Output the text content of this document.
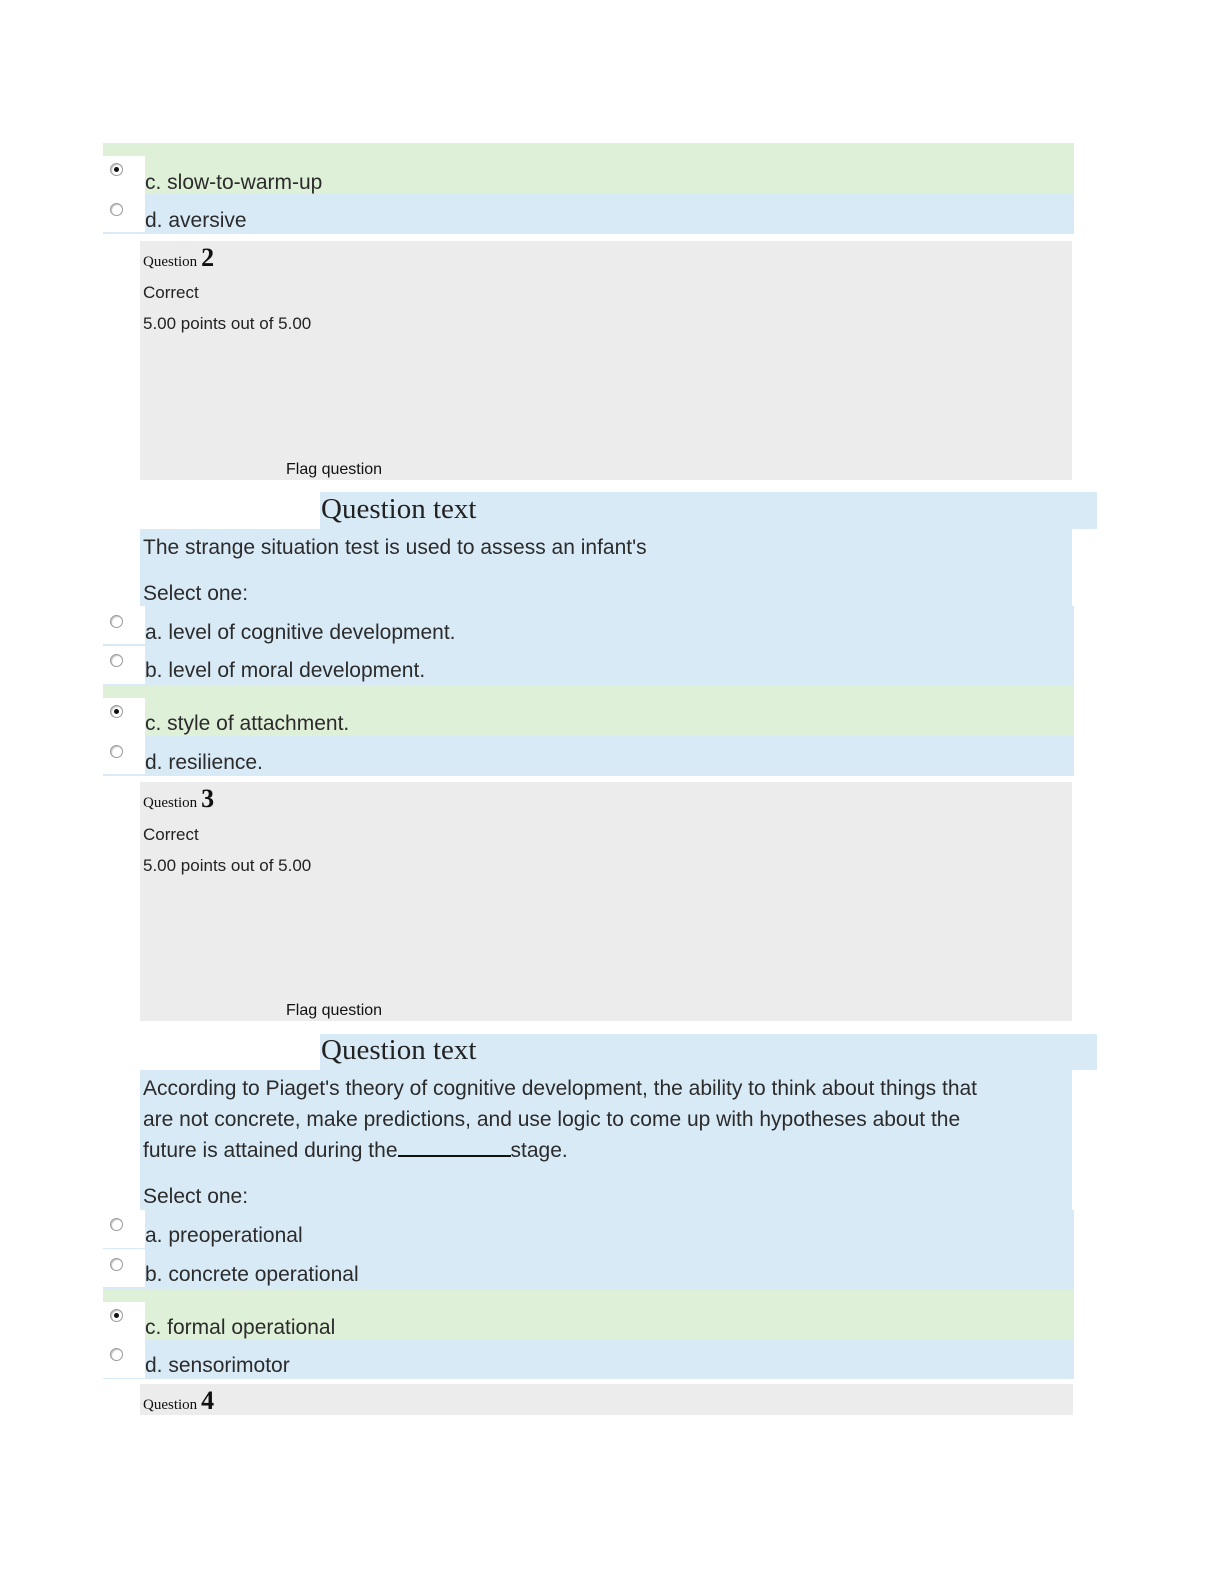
c. slow-to-warm-up
d. aversive
Question 2
Correct
5.00 points out of 5.00
Flag question
Question text
The strange situation test is used to assess an infant's
Select one:
a. level of cognitive development.
b. level of moral development.
c. style of attachment.
d. resilience.
Question 3
Correct
5.00 points out of 5.00
Flag question
Question text
According to Piaget's theory of cognitive development, the ability to think about things that
are not concrete, make predictions, and use logic to come up with hypotheses about the
future is attained during the	stage.
Select one:
a. preoperational
b. concrete operational
c. formal operational
d. sensorimotor
Question 4
